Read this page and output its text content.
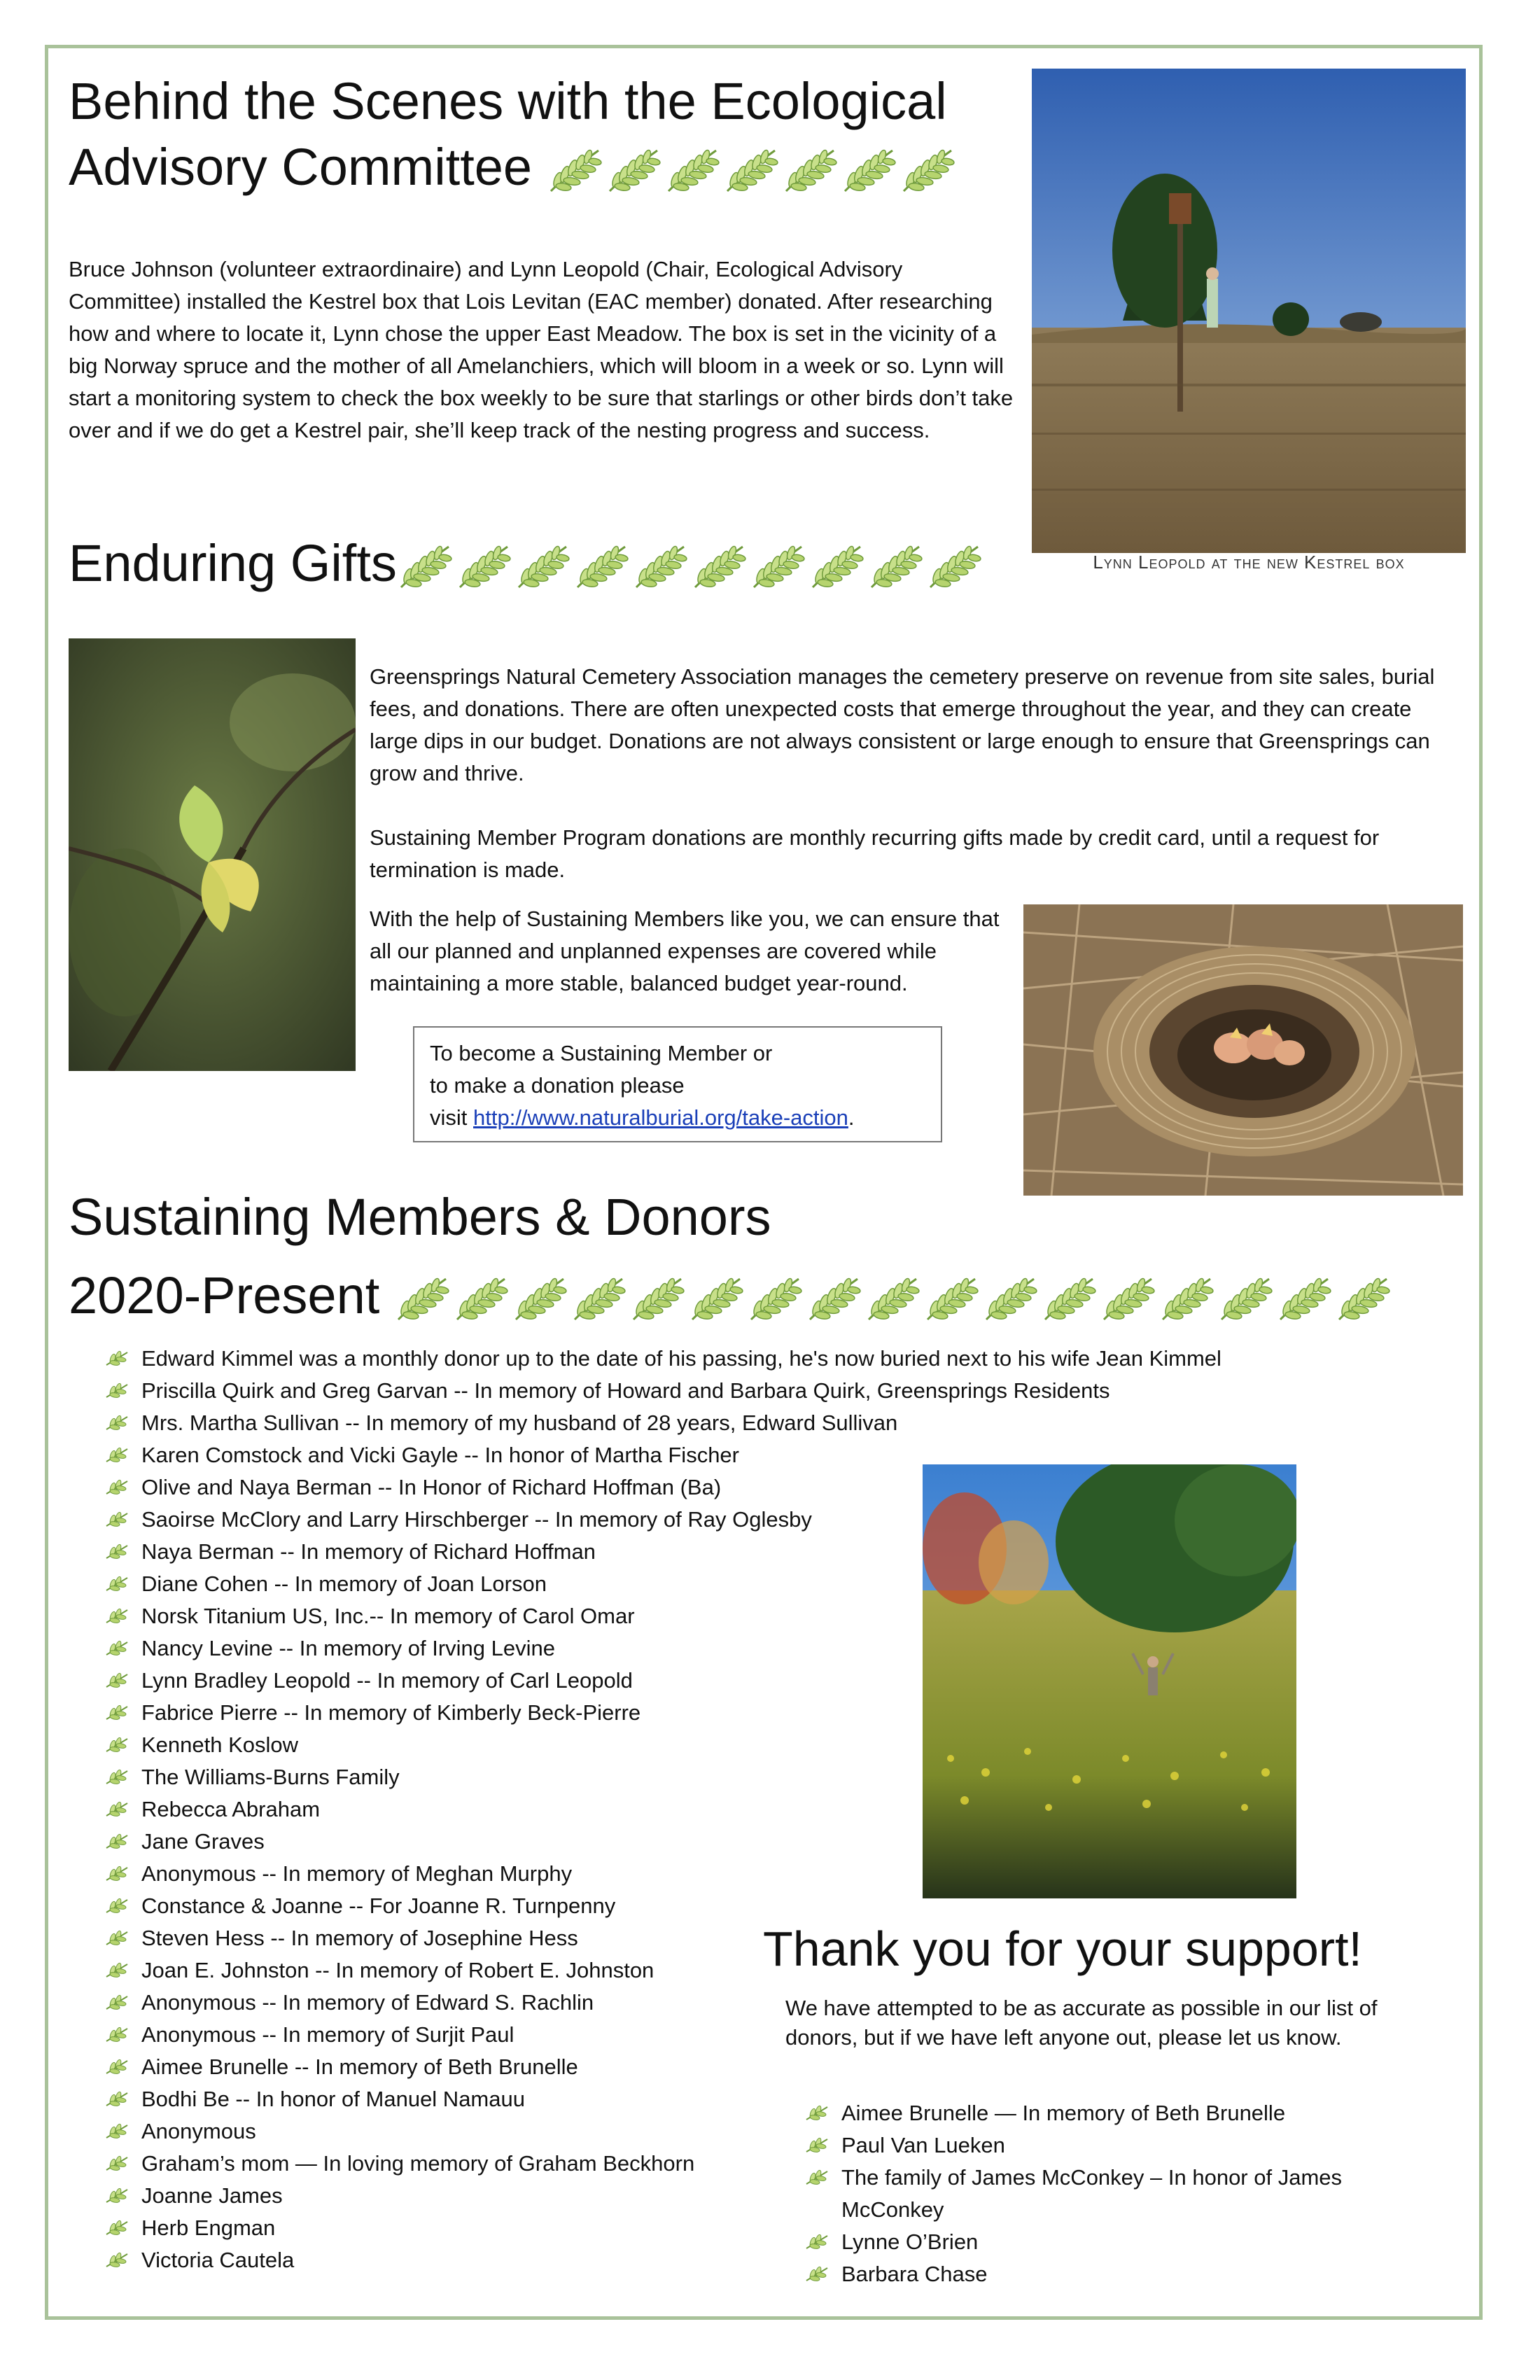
Behind the Scenes with the Ecological
Advisory Committee

Bruce Johnson (volunteer extraordinaire) and Lynn Leopold (Chair, Ecological Advisory Committee) installed the Kestrel box that Lois Levitan (EAC member) donated. After researching how and where to locate it, Lynn chose the upper East Meadow. The box is set in the vicinity of a big Norway spruce and the mother of all Amelanchiers, which will bloom in a week or so. Lynn will start a monitoring system to check the box weekly to be sure that starlings or other birds don’t take over and if we do get a Kestrel pair, she’ll keep track of the nesting progress and success.

Lynn Leopold at the new Kestrel box
Enduring Gifts

Greensprings Natural Cemetery Association manages the cemetery preserve on revenue from site sales, burial fees, and donations. There are often unexpected costs that emerge throughout the year, and they can create large dips in our budget. Donations are not always consistent or large enough to ensure that Greensprings can grow and thrive.

Sustaining Member Program donations are monthly recurring gifts made by credit card, until a request for termination is made.

With the help of Sustaining Members like you, we can ensure that all our planned and unplanned expenses are covered while maintaining a more stable, balanced budget year-round.

To become a Sustaining Member or
to make a donation please
visit http://www.naturalburial.org/take-action.
Sustaining Members & Donors
2020-Present
Edward Kimmel was a monthly donor up to the date of his passing, he's now buried next to his wife Jean Kimmel
Priscilla Quirk and Greg Garvan -- In memory of Howard and Barbara Quirk, Greensprings Residents
Mrs. Martha Sullivan -- In memory of my husband of 28 years, Edward Sullivan
Karen Comstock and Vicki Gayle -- In honor of Martha Fischer
Olive and Naya Berman -- In Honor of Richard Hoffman (Ba)
Saoirse McClory and Larry Hirschberger -- In memory of Ray Oglesby
Naya Berman -- In memory of Richard Hoffman
Diane Cohen -- In memory of Joan Lorson
Norsk Titanium US, Inc.-- In memory of Carol Omar
Nancy Levine -- In memory of Irving Levine
Lynn Bradley Leopold -- In memory of Carl Leopold
Fabrice Pierre -- In memory of Kimberly Beck-Pierre
Kenneth Koslow
The Williams-Burns Family
Rebecca Abraham
Jane Graves
Anonymous -- In memory of Meghan Murphy
Constance & Joanne -- For Joanne R. Turnpenny
Steven Hess -- In memory of Josephine Hess
Joan E. Johnston -- In memory of Robert E. Johnston
Anonymous -- In memory of Edward S. Rachlin
Anonymous -- In memory of Surjit Paul
Aimee Brunelle -- In memory of Beth Brunelle
Bodhi Be -- In honor of Manuel Namauu
Anonymous
Graham’s mom — In loving memory of Graham Beckhorn
Joanne James
Herb Engman
Victoria Cautela
Thank you for your support!

We have attempted to be as accurate as possible in our list of donors, but if we have left anyone out, please let us know.

Aimee Brunelle — In memory of Beth Brunelle
Paul Van Lueken
The family of James McConkey – In honor of James McConkey
Lynne O’Brien
Barbara Chase
